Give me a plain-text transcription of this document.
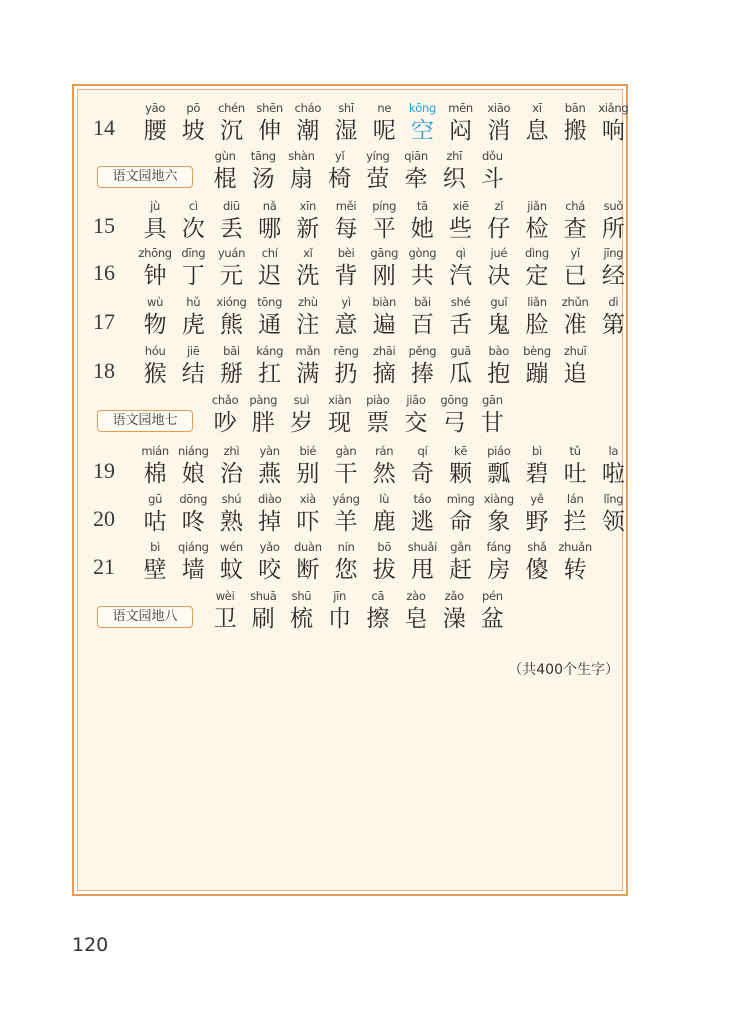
14
yāo
腰
pō
坡
chén
沉
shēn
伸
cháo
潮
shī
湿
ne
呢
kōng
空
mēn
闷
xiāo
消
xī
息
bān
搬
xiǎng
响
语文园地六
gùn
棍
tāng
汤
shàn
扇
yǐ
椅
yíng
萤
qiān
牵
zhī
织
dǒu
斗
15
jù
具
cì
次
diū
丢
nǎ
哪
xīn
新
měi
每
píng
平
tā
她
xiē
些
zǐ
仔
jiǎn
检
chá
查
suǒ
所
16
zhōng
钟
dīng
丁
yuán
元
chí
迟
xǐ
洗
bèi
背
gāng
刚
gòng
共
qì
汽
jué
决
dìng
定
yǐ
已
jīng
经
17
wù
物
hǔ
虎
xióng
熊
tōng
通
zhù
注
yì
意
biàn
遍
bǎi
百
shé
舌
guǐ
鬼
liǎn
脸
zhǔn
准
dì
第
18
hóu
猴
jiē
结
bāi
掰
káng
扛
mǎn
满
rēng
扔
zhāi
摘
pěng
捧
guā
瓜
bào
抱
bèng
蹦
zhuī
追
语文园地七
chǎo
吵
pàng
胖
suì
岁
xiàn
现
piào
票
jiāo
交
gōng
弓
gān
甘
19
mián
棉
niáng
娘
zhì
治
yàn
燕
bié
别
gàn
干
rán
然
qí
奇
kē
颗
piáo
瓢
bì
碧
tǔ
吐
la
啦
20
gū
咕
dōng
咚
shú
熟
diào
掉
xià
吓
yáng
羊
lù
鹿
táo
逃
mìng
命
xiàng
象
yě
野
lán
拦
lǐng
领
21
bì
壁
qiáng
墙
wén
蚊
yǎo
咬
duàn
断
nín
您
bō
拔
shuǎi
甩
gǎn
赶
fáng
房
shǎ
傻
zhuǎn
转
语文园地八
wèi
卫
shuā
刷
shū
梳
jīn
巾
cā
擦
zào
皂
zǎo
澡
pén
盆
（共400个生字）
120
